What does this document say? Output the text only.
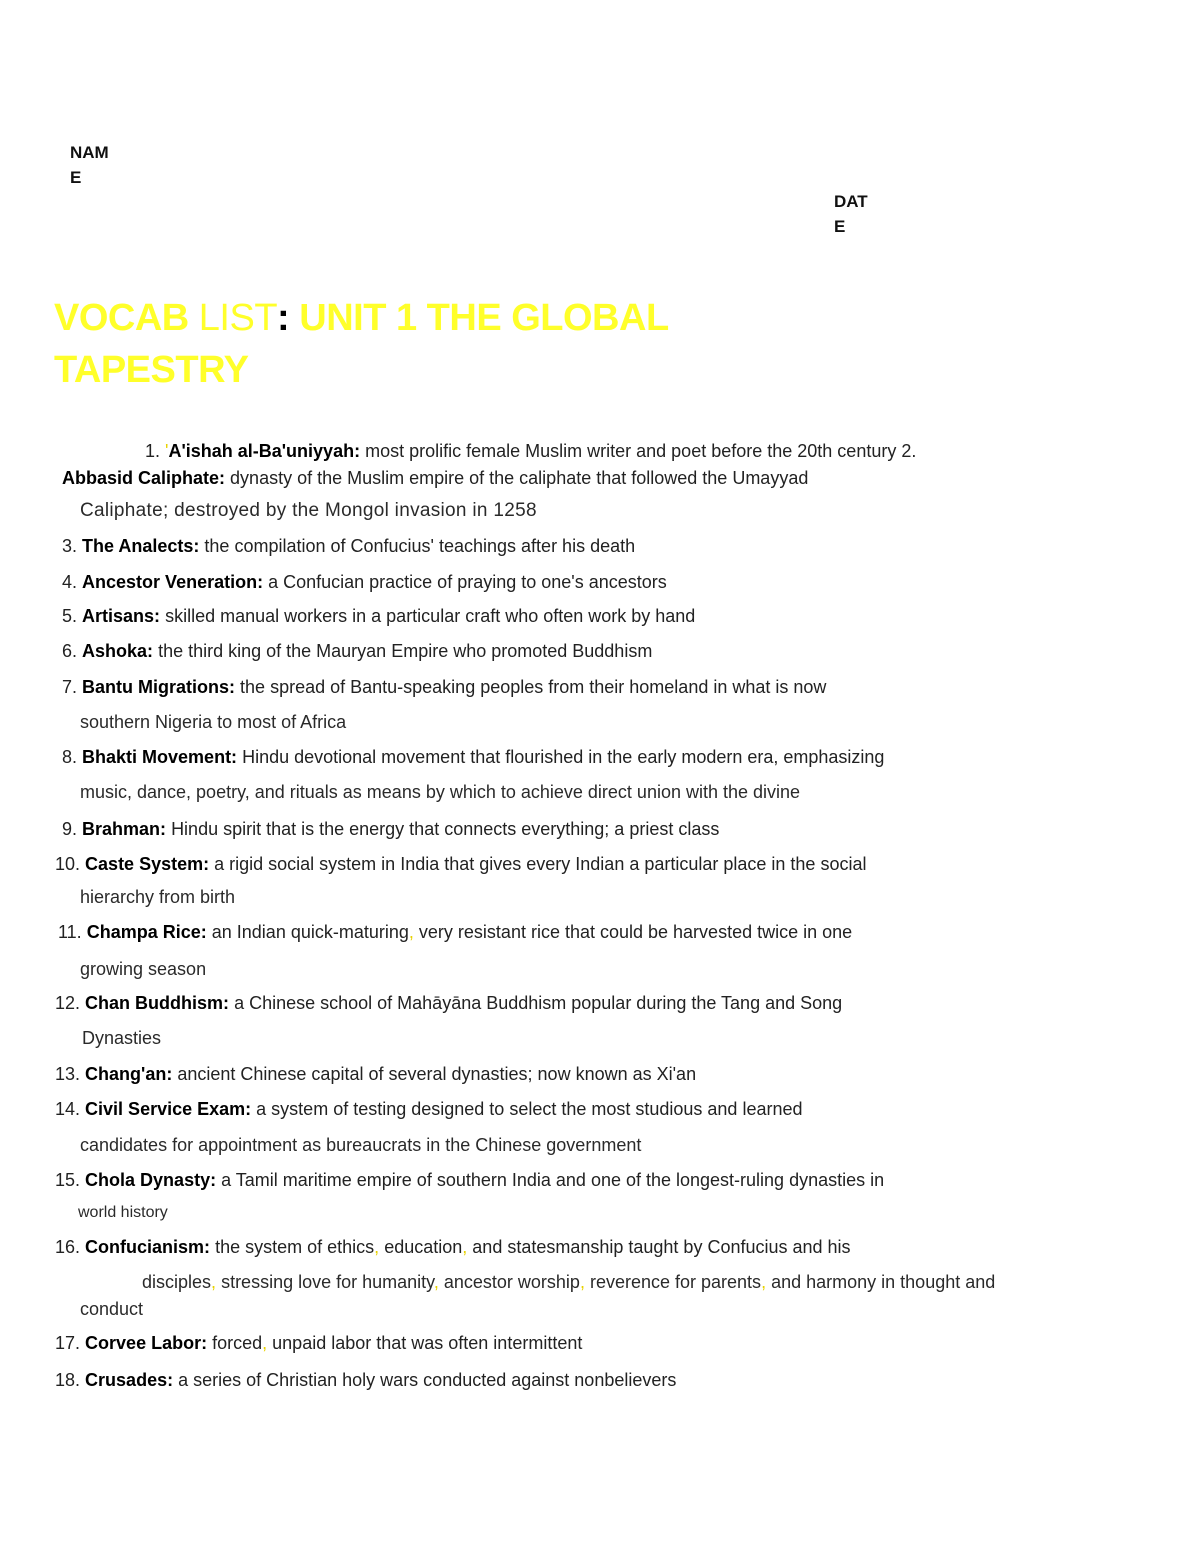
NAME
DATE
VOCAB LIST: UNIT 1 THE GLOBAL
TAPESTRY
1. 'A'ishah al-Ba'uniyyah: most prolific female Muslim writer and poet before the 20th century 2.
Abbasid Caliphate: dynasty of the Muslim empire of the caliphate that followed the Umayyad
Caliphate; destroyed by the Mongol invasion in 1258
3. The Analects: the compilation of Confucius' teachings after his death
4. Ancestor Veneration: a Confucian practice of praying to one's ancestors
5. Artisans: skilled manual workers in a particular craft who often work by hand
6. Ashoka: the third king of the Mauryan Empire who promoted Buddhism
7. Bantu Migrations: the spread of Bantu-speaking peoples from their homeland in what is now
southern Nigeria to most of Africa
8. Bhakti Movement: Hindu devotional movement that flourished in the early modern era, emphasizing
music, dance, poetry, and rituals as means by which to achieve direct union with the divine
9. Brahman: Hindu spirit that is the energy that connects everything; a priest class
10. Caste System: a rigid social system in India that gives every Indian a particular place in the social
hierarchy from birth
11. Champa Rice: an Indian quick-maturing, very resistant rice that could be harvested twice in one
growing season
12. Chan Buddhism: a Chinese school of Mahāyāna Buddhism popular during the Tang and Song
Dynasties
13. Chang'an: ancient Chinese capital of several dynasties; now known as Xi'an
14. Civil Service Exam: a system of testing designed to select the most studious and learned
candidates for appointment as bureaucrats in the Chinese government
15. Chola Dynasty: a Tamil maritime empire of southern India and one of the longest-ruling dynasties in
world history
16. Confucianism: the system of ethics, education, and statesmanship taught by Confucius and his
disciples, stressing love for humanity, ancestor worship, reverence for parents, and harmony in thought and
conduct
17. Corvee Labor: forced, unpaid labor that was often intermittent
18. Crusades: a series of Christian holy wars conducted against nonbelievers
